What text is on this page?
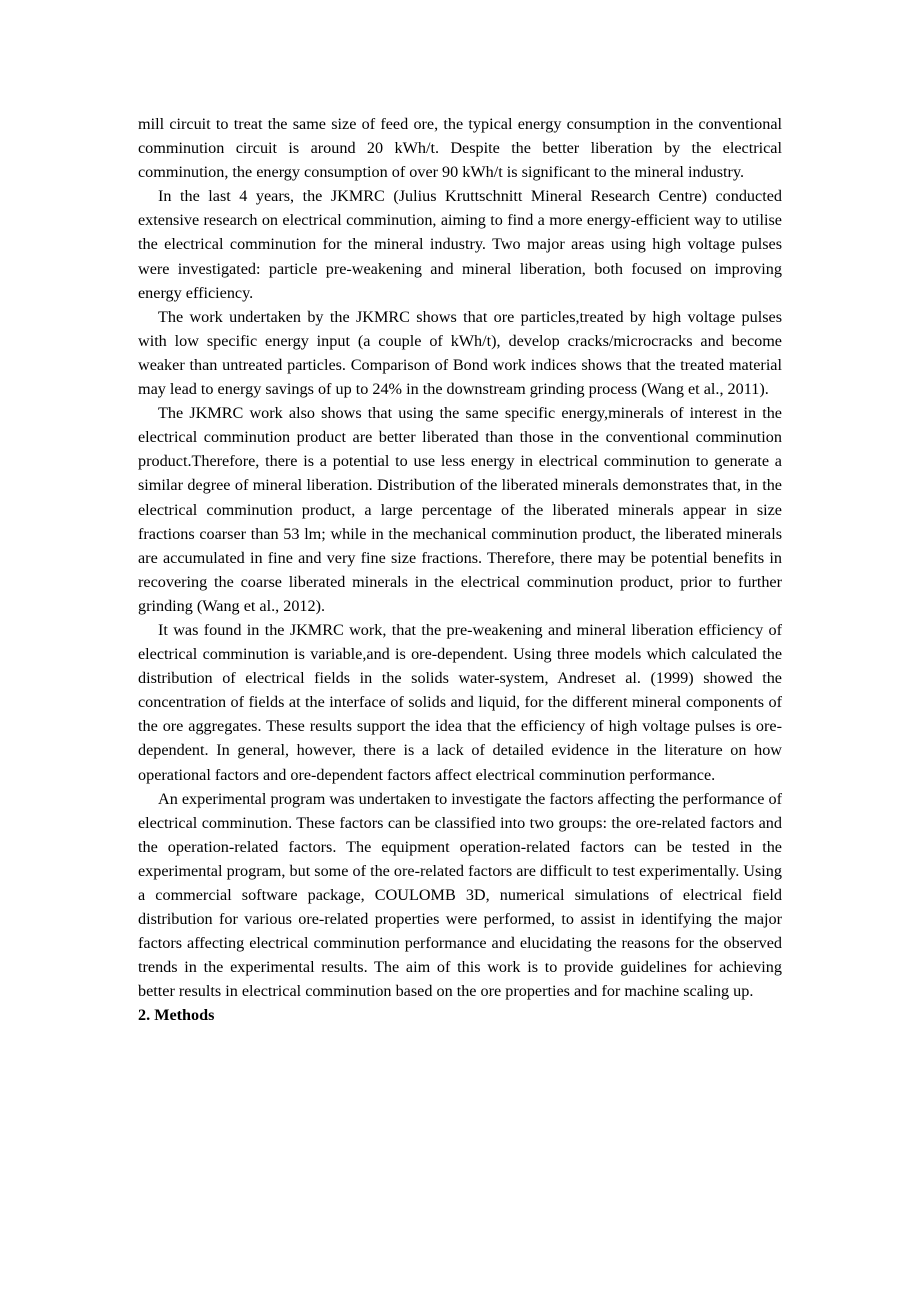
mill circuit to treat the same size of feed ore, the typical energy consumption in the conventional comminution circuit is around 20 kWh/t. Despite the better liberation by the electrical comminution, the energy consumption of over 90 kWh/t is significant to the mineral industry.

In the last 4 years, the JKMRC (Julius Kruttschnitt Mineral Research Centre) conducted extensive research on electrical comminution, aiming to find a more energy-efficient way to utilise the electrical comminution for the mineral industry. Two major areas using high voltage pulses were investigated: particle pre-weakening and mineral liberation, both focused on improving energy efficiency.

The work undertaken by the JKMRC shows that ore particles,treated by high voltage pulses with low specific energy input (a couple of kWh/t), develop cracks/microcracks and become weaker than untreated particles. Comparison of Bond work indices shows that the treated material may lead to energy savings of up to 24% in the downstream grinding process (Wang et al., 2011).

The JKMRC work also shows that using the same specific energy,minerals of interest in the electrical comminution product are better liberated than those in the conventional comminution product.Therefore, there is a potential to use less energy in electrical comminution to generate a similar degree of mineral liberation. Distribution of the liberated minerals demonstrates that, in the electrical comminution product, a large percentage of the liberated minerals appear in size fractions coarser than 53 lm; while in the mechanical comminution product, the liberated minerals are accumulated in fine and very fine size fractions. Therefore, there may be potential benefits in recovering the coarse liberated minerals in the electrical comminution product, prior to further grinding (Wang et al., 2012).

It was found in the JKMRC work, that the pre-weakening and mineral liberation efficiency of electrical comminution is variable,and is ore-dependent. Using three models which calculated the distribution of electrical fields in the solids water-system, Andreset al. (1999) showed the concentration of fields at the interface of solids and liquid, for the different mineral components of the ore aggregates. These results support the idea that the efficiency of high voltage pulses is ore-dependent. In general, however, there is a lack of detailed evidence in the literature on how operational factors and ore-dependent factors affect electrical comminution performance.

An experimental program was undertaken to investigate the factors affecting the performance of electrical comminution. These factors can be classified into two groups: the ore-related factors and the operation-related factors. The equipment operation-related factors can be tested in the experimental program, but some of the ore-related factors are difficult to test experimentally. Using a commercial software package, COULOMB 3D, numerical simulations of electrical field distribution for various ore-related properties were performed, to assist in identifying the major factors affecting electrical comminution performance and elucidating the reasons for the observed trends in the experimental results. The aim of this work is to provide guidelines for achieving better results in electrical comminution based on the ore properties and for machine scaling up.

2. Methods
